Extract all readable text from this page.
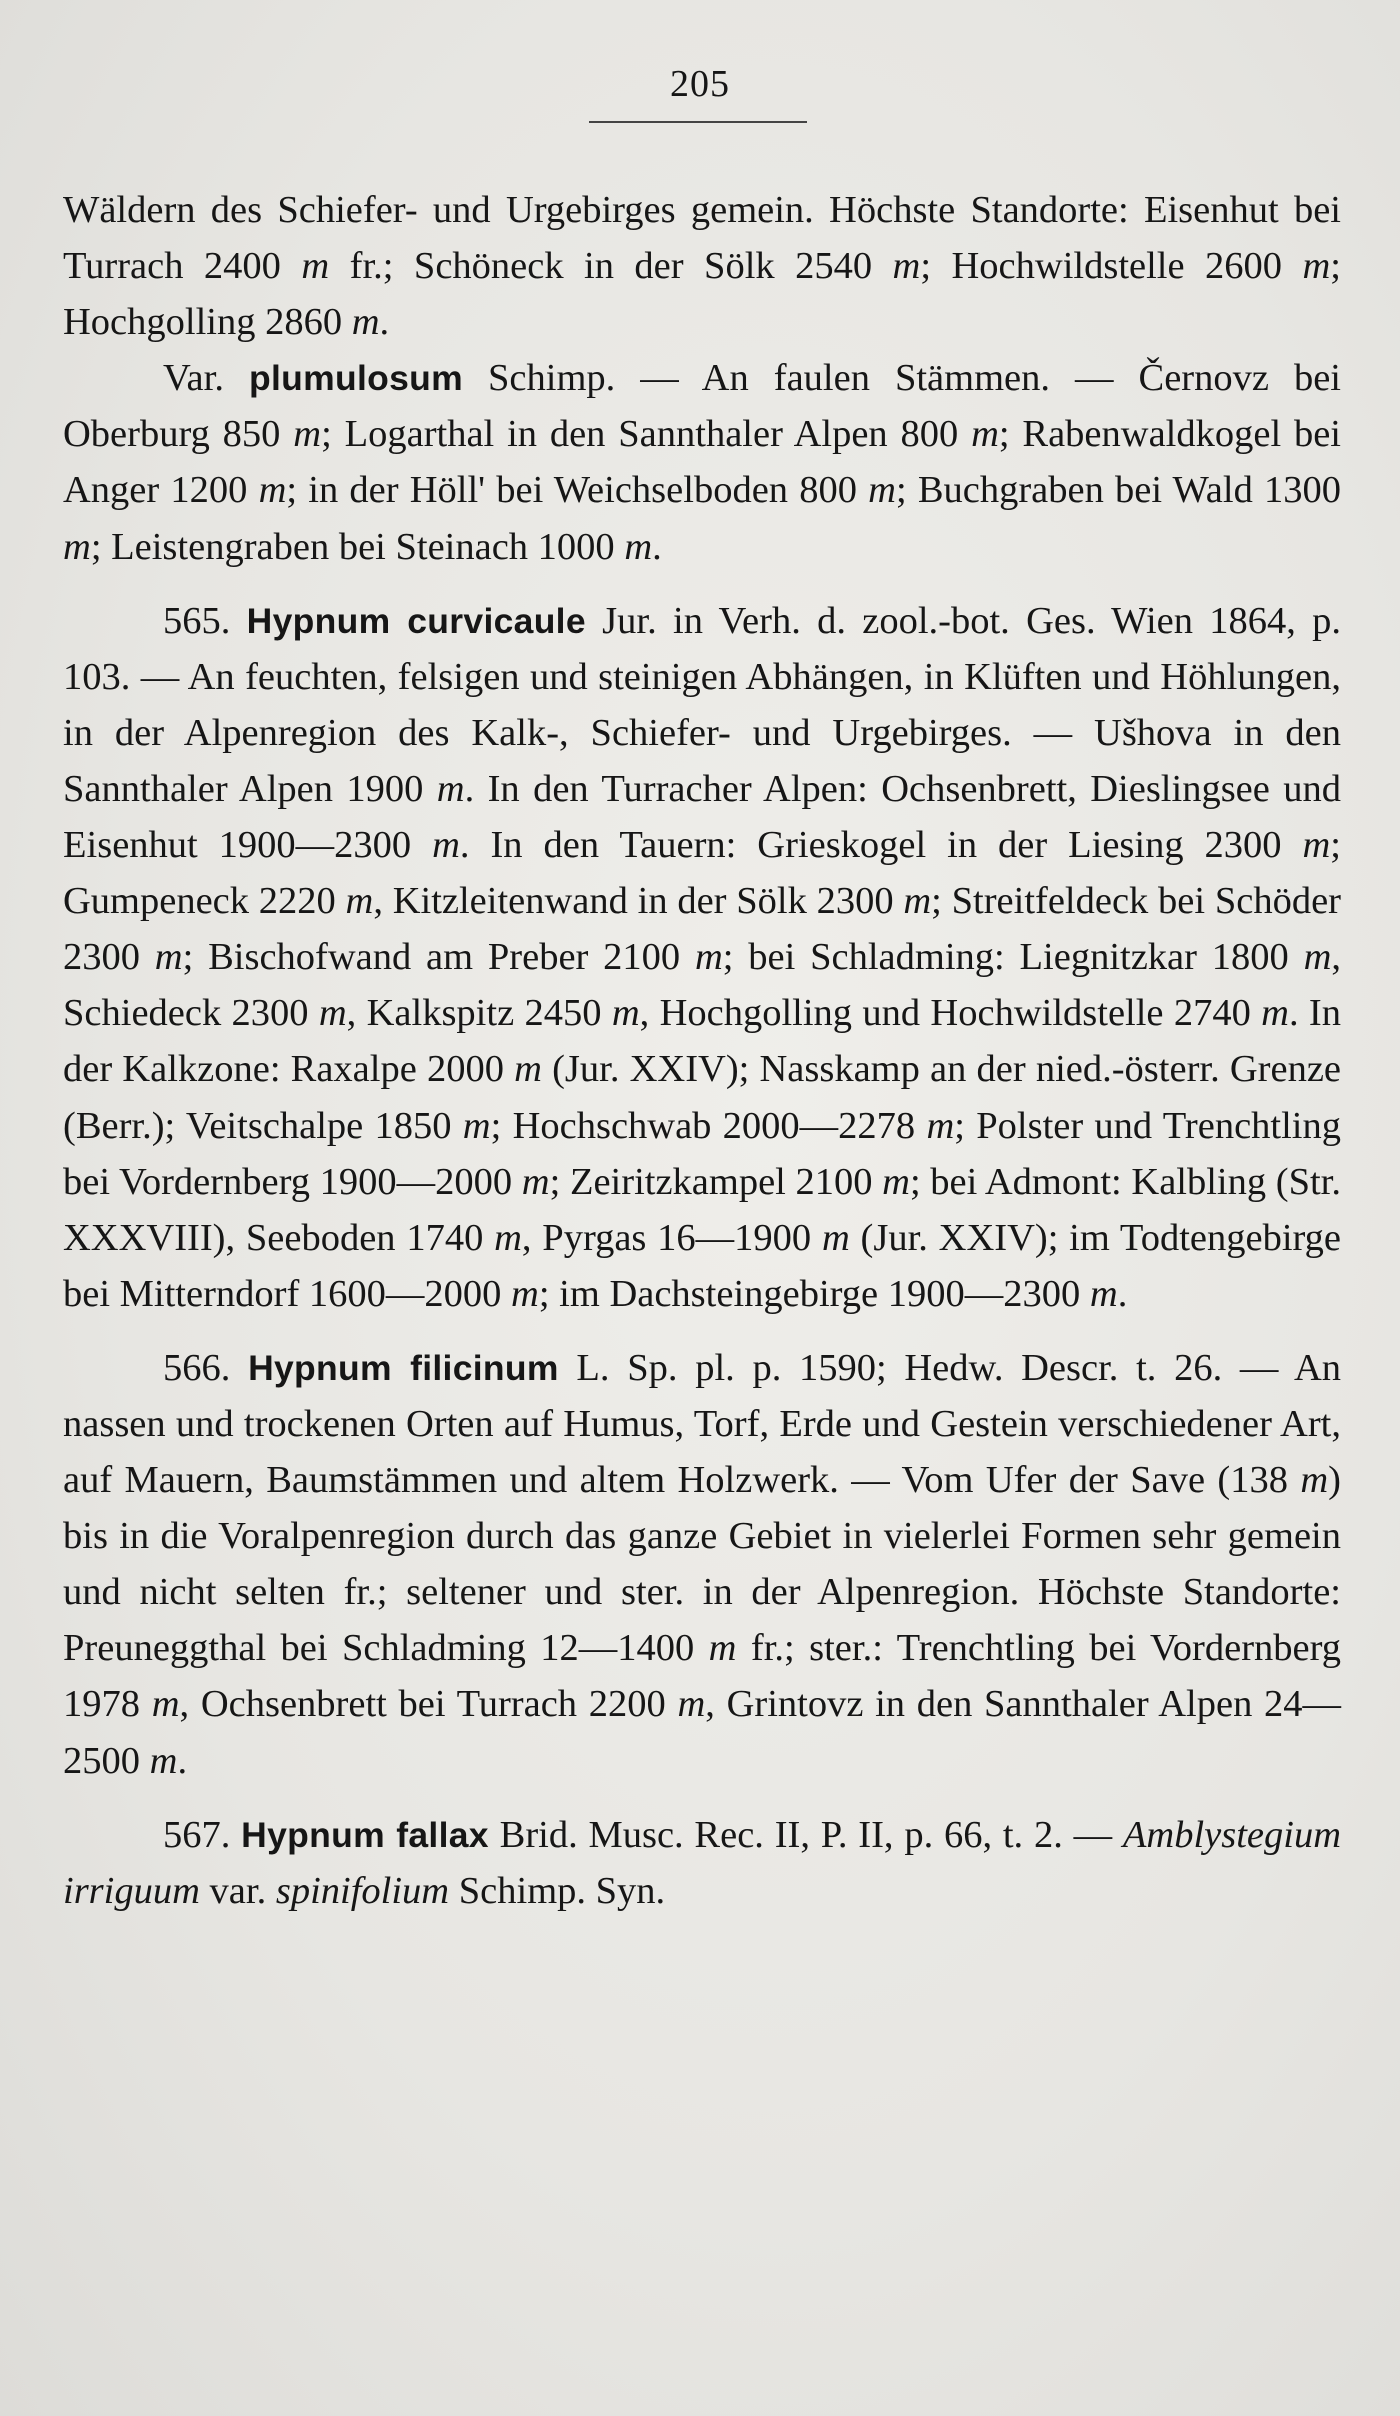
205

Wäldern des Schiefer- und Urgebirges gemein. Höchste Standorte: Eisenhut bei Turrach 2400 m fr.; Schöneck in der Sölk 2540 m; Hochwildstelle 2600 m; Hochgolling 2860 m.

Var. plumulosum Schimp. — An faulen Stämmen. — Černovz bei Oberburg 850 m; Logarthal in den Sannthaler Alpen 800 m; Rabenwaldkogel bei Anger 1200 m; in der Höll' bei Weichselboden 800 m; Buchgraben bei Wald 1300 m; Leistengraben bei Steinach 1000 m.

565. Hypnum curvicaule Jur. in Verh. d. zool.-bot. Ges. Wien 1864, p. 103. — An feuchten, felsigen und steinigen Abhängen, in Klüften und Höhlungen, in der Alpenregion des Kalk-, Schiefer- und Urgebirges. — Ušhova in den Sannthaler Alpen 1900 m. In den Turracher Alpen: Ochsenbrett, Dieslingsee und Eisenhut 1900—2300 m. In den Tauern: Grieskogel in der Liesing 2300 m; Gumpeneck 2220 m, Kitzleitenwand in der Sölk 2300 m; Streitfeldeck bei Schöder 2300 m; Bischofwand am Preber 2100 m; bei Schladming: Liegnitzkar 1800 m, Schiedeck 2300 m, Kalkspitz 2450 m, Hochgolling und Hochwildstelle 2740 m. In der Kalkzone: Raxalpe 2000 m (Jur. XXIV); Nasskamp an der nied.-österr. Grenze (Berr.); Veitschalpe 1850 m; Hochschwab 2000—2278 m; Polster und Trenchtling bei Vordernberg 1900—2000 m; Zeiritzkampel 2100 m; bei Admont: Kalbling (Str. XXXVIII), Seeboden 1740 m, Pyrgas 16—1900 m (Jur. XXIV); im Todtengebirge bei Mitterndorf 1600—2000 m; im Dachsteingebirge 1900—2300 m.

566. Hypnum filicinum L. Sp. pl. p. 1590; Hedw. Descr. t. 26. — An nassen und trockenen Orten auf Humus, Torf, Erde und Gestein verschiedener Art, auf Mauern, Baumstämmen und altem Holzwerk. — Vom Ufer der Save (138 m) bis in die Voralpenregion durch das ganze Gebiet in vielerlei Formen sehr gemein und nicht selten fr.; seltener und ster. in der Alpenregion. Höchste Standorte: Preuneggthal bei Schladming 12—1400 m fr.; ster.: Trenchtling bei Vordernberg 1978 m, Ochsenbrett bei Turrach 2200 m, Grintovz in den Sannthaler Alpen 24—2500 m.

567. Hypnum fallax Brid. Musc. Rec. II, P. II, p. 66, t. 2. — Amblystegium irriguum var. spinifolium Schimp. Syn.
